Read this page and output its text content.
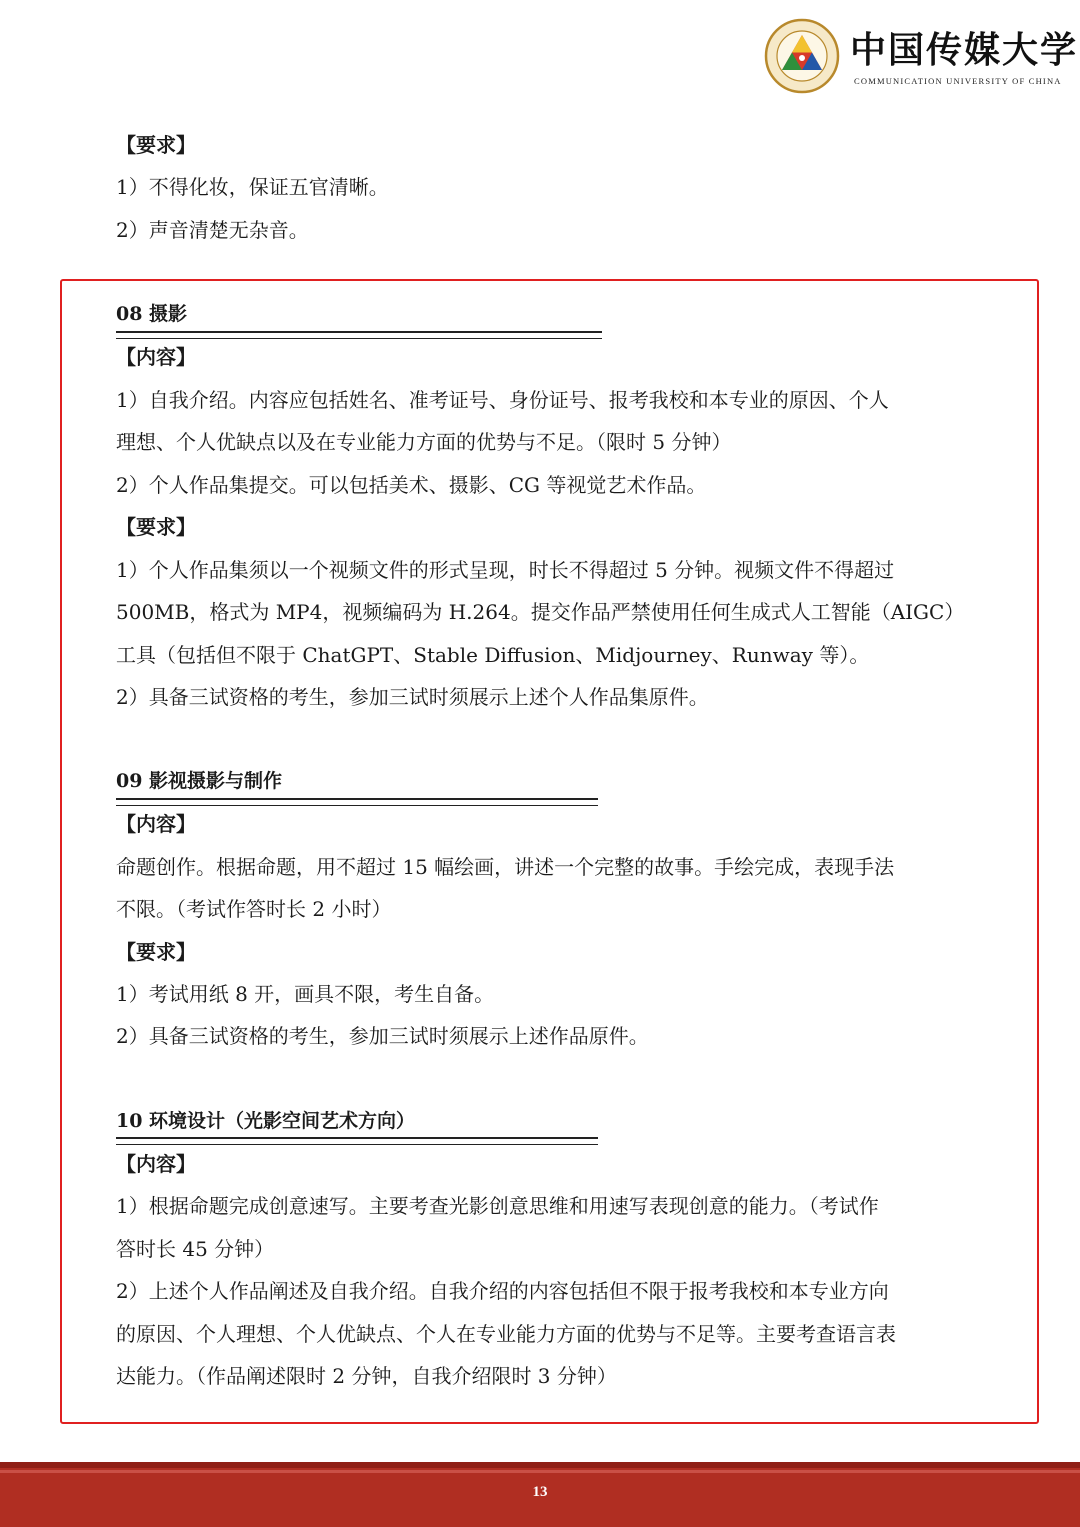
中国传媒大学
COMMUNICATION UNIVERSITY OF CHINA
【要求】
1）不得化妆，保证五官清晰。
2）声音清楚无杂音。
08 摄影
【内容】
1）自我介绍。内容应包括姓名、准考证号、身份证号、报考我校和本专业的原因、个人
理想、个人优缺点以及在专业能力方面的优势与不足。（限时 5 分钟）
2）个人作品集提交。可以包括美术、摄影、CG 等视觉艺术作品。
【要求】
1）个人作品集须以一个视频文件的形式呈现，时长不得超过 5 分钟。视频文件不得超过
500MB，格式为 MP4，视频编码为 H.264。提交作品严禁使用任何生成式人工智能（AIGC）
工具（包括但不限于 ChatGPT、Stable Diffusion、Midjourney、Runway 等）。
2）具备三试资格的考生，参加三试时须展示上述个人作品集原件。
09 影视摄影与制作
【内容】
命题创作。根据命题，用不超过 15 幅绘画，讲述一个完整的故事。手绘完成，表现手法
不限。（考试作答时长 2 小时）
【要求】
1）考试用纸 8 开，画具不限，考生自备。
2）具备三试资格的考生，参加三试时须展示上述作品原件。
10 环境设计（光影空间艺术方向）
【内容】
1）根据命题完成创意速写。主要考查光影创意思维和用速写表现创意的能力。（考试作
答时长 45 分钟）
2）上述个人作品阐述及自我介绍。自我介绍的内容包括但不限于报考我校和本专业方向
的原因、个人理想、个人优缺点、个人在专业能力方面的优势与不足等。主要考查语言表
达能力。（作品阐述限时 2 分钟，自我介绍限时 3 分钟）
13
